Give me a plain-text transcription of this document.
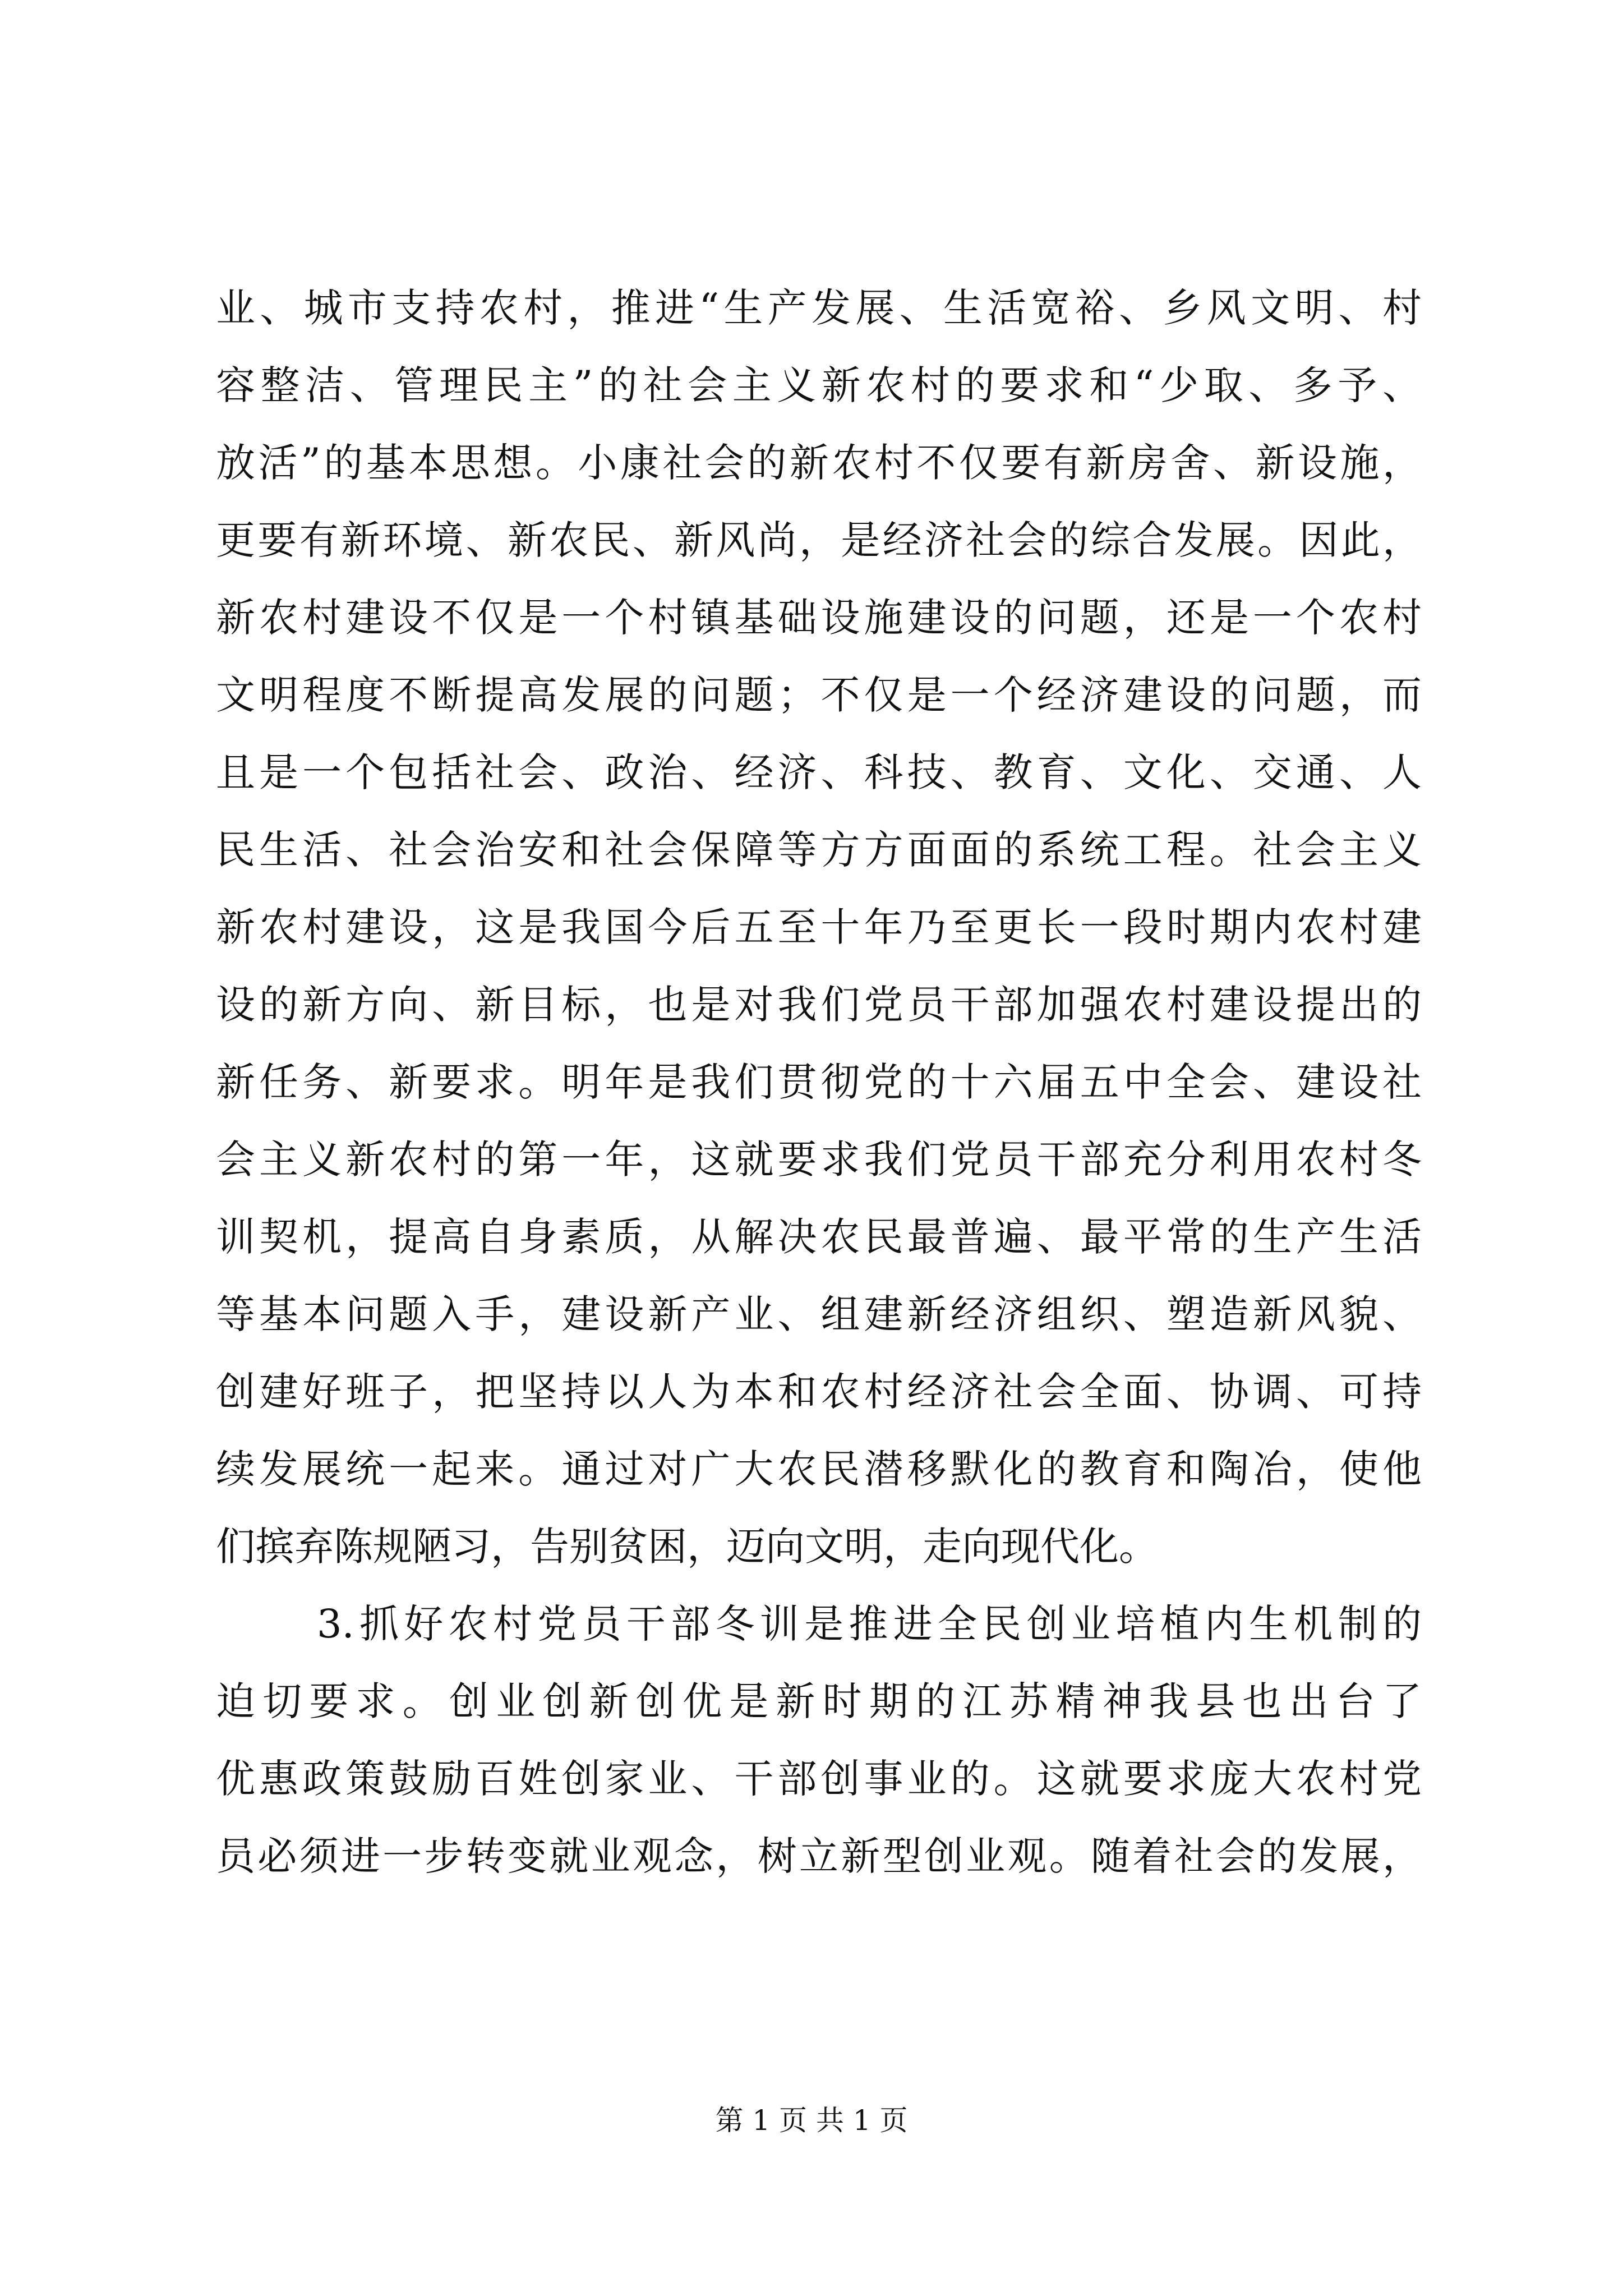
业、城市支持农村，推进“生产发展、生活宽裕、乡风文明、村
容整洁、管理民主”的社会主义新农村的要求和“少取、多予、
放活”的基本思想。小康社会的新农村不仅要有新房舍、新设施，
更要有新环境、新农民、新风尚，是经济社会的综合发展。因此，
新农村建设不仅是一个村镇基础设施建设的问题，还是一个农村
文明程度不断提高发展的问题；不仅是一个经济建设的问题，而
且是一个包括社会、政治、经济、科技、教育、文化、交通、人
民生活、社会治安和社会保障等方方面面的系统工程。社会主义
新农村建设，这是我国今后五至十年乃至更长一段时期内农村建
设的新方向、新目标，也是对我们党员干部加强农村建设提出的
新任务、新要求。明年是我们贯彻党的十六届五中全会、建设社
会主义新农村的第一年，这就要求我们党员干部充分利用农村冬
训契机，提高自身素质，从解决农民最普遍、最平常的生产生活
等基本问题入手，建设新产业、组建新经济组织、塑造新风貌、
创建好班子，把坚持以人为本和农村经济社会全面、协调、可持
续发展统一起来。通过对广大农民潜移默化的教育和陶冶，使他
们摈弃陈规陋习，告别贫困，迈向文明，走向现代化。
3.抓好农村党员干部冬训是推进全民创业培植内生机制的
迫切要求。创业创新创优是新时期的江苏精神我县也出台了
优惠政策鼓励百姓创家业、干部创事业的。这就要求庞大农村党
员必须进一步转变就业观念，树立新型创业观。随着社会的发展，
第 1 页 共 1 页
